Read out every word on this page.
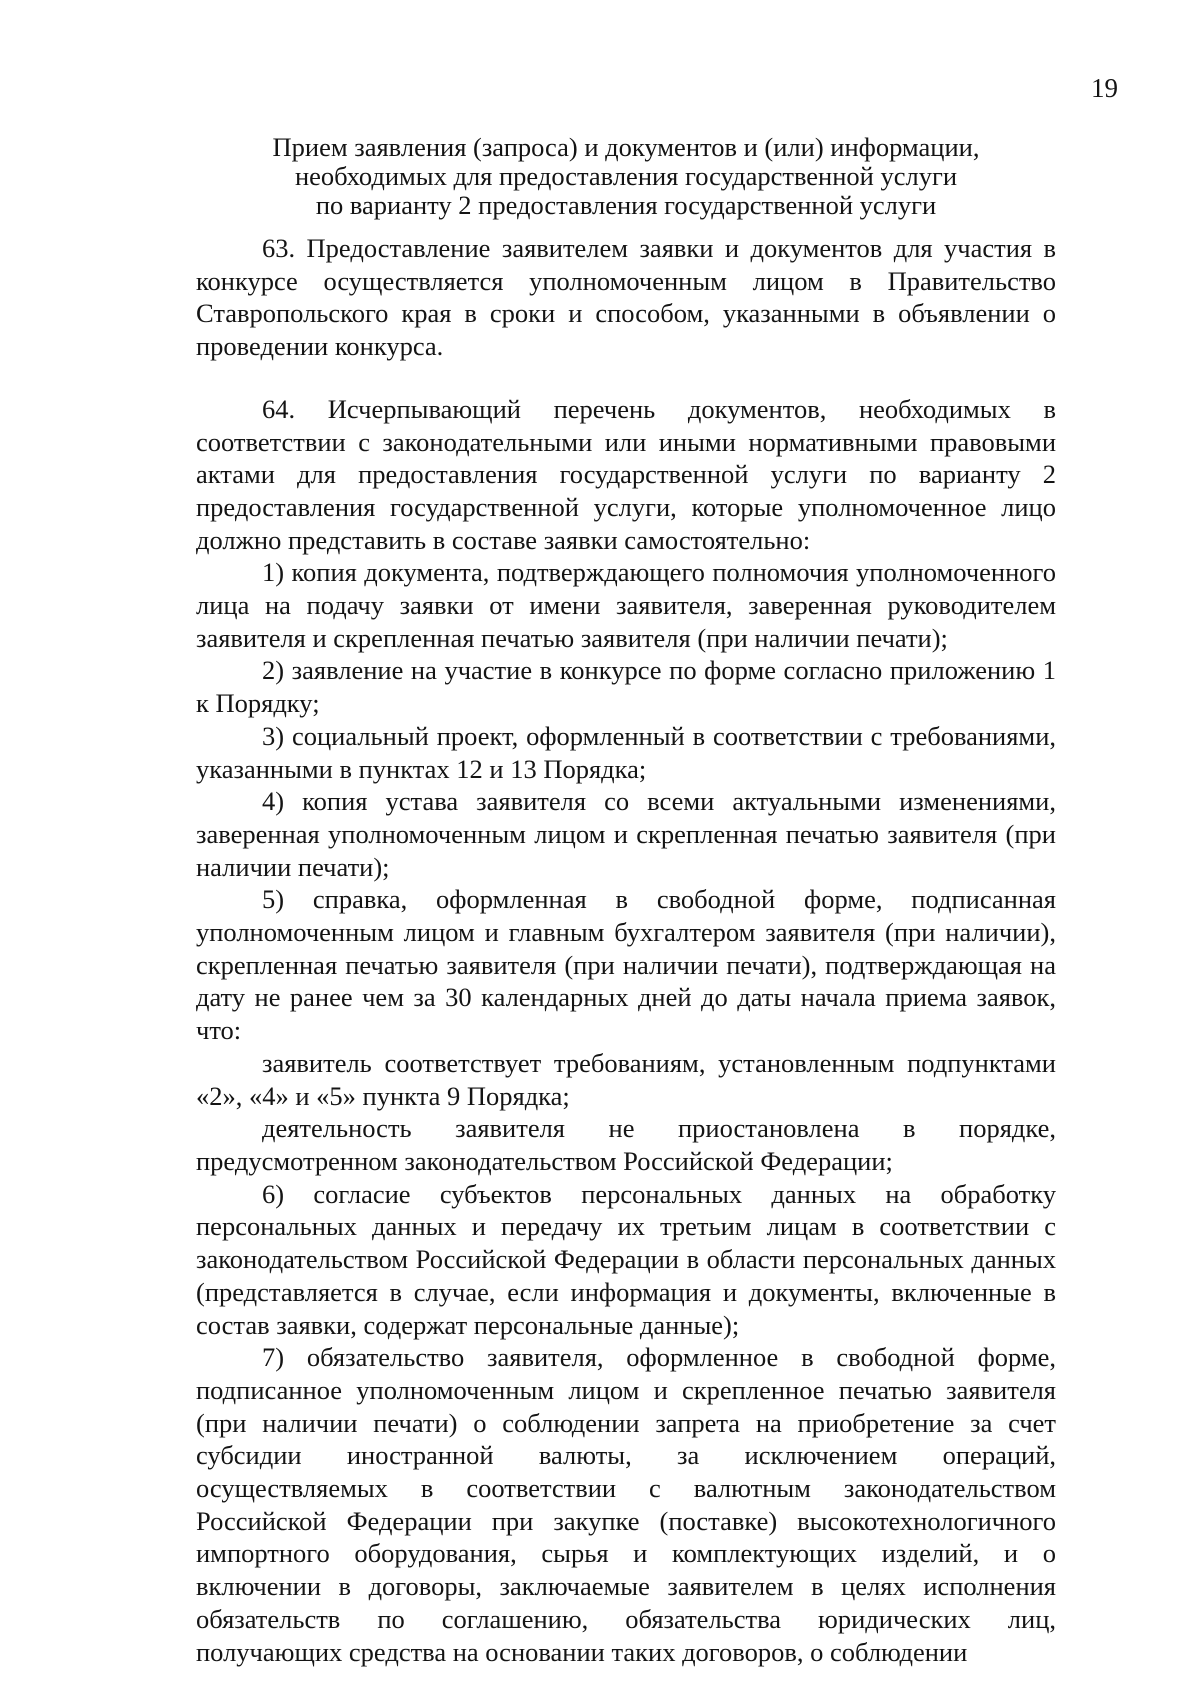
19
Прием заявления (запроса) и документов и (или) информации,
необходимых для предоставления государственной услуги
по варианту 2 предоставления государственной услуги

63. Предоставление заявителем заявки и документов для участия в конкурсе осуществляется уполномоченным лицом в Правительство Ставропольского края в сроки и способом, указанными в объявлении о проведении конкурса.

64. Исчерпывающий перечень документов, необходимых в соответствии с законодательными или иными нормативными правовыми актами для предоставления государственной услуги по варианту 2 предоставления государственной услуги, которые уполномоченное лицо должно представить в составе заявки самостоятельно:

1) копия документа, подтверждающего полномочия уполномоченного лица на подачу заявки от имени заявителя, заверенная руководителем заявителя и скрепленная печатью заявителя (при наличии печати);

2) заявление на участие в конкурсе по форме согласно приложению 1 к Порядку;

3) социальный проект, оформленный в соответствии с требованиями, указанными в пунктах 12 и 13 Порядка;

4) копия устава заявителя со всеми актуальными изменениями, заверенная уполномоченным лицом и скрепленная печатью заявителя (при наличии печати);

5) справка, оформленная в свободной форме, подписанная уполномоченным лицом и главным бухгалтером заявителя (при наличии), скрепленная печатью заявителя (при наличии печати), подтверждающая на дату не ранее чем за 30 календарных дней до даты начала приема заявок, что:

заявитель соответствует требованиям, установленным подпунктами «2», «4» и «5» пункта 9 Порядка;

деятельность заявителя не приостановлена в порядке, предусмотренном законодательством Российской Федерации;

6) согласие субъектов персональных данных на обработку персональных данных и передачу их третьим лицам в соответствии с законодательством Российской Федерации в области персональных данных (представляется в случае, если информация и документы, включенные в состав заявки, содержат персональные данные);

7) обязательство заявителя, оформленное в свободной форме, подписанное уполномоченным лицом и скрепленное печатью заявителя (при наличии печати) о соблюдении запрета на приобретение за счет субсидии иностранной валюты, за исключением операций, осуществляемых в соответствии с валютным законодательством Российской Федерации при закупке (поставке) высокотехнологичного импортного оборудования, сырья и комплектующих изделий, и о включении в договоры, заключаемые заявителем в целях исполнения обязательств по соглашению, обязательства юридических лиц, получающих средства на основании таких договоров, о соблюдении
